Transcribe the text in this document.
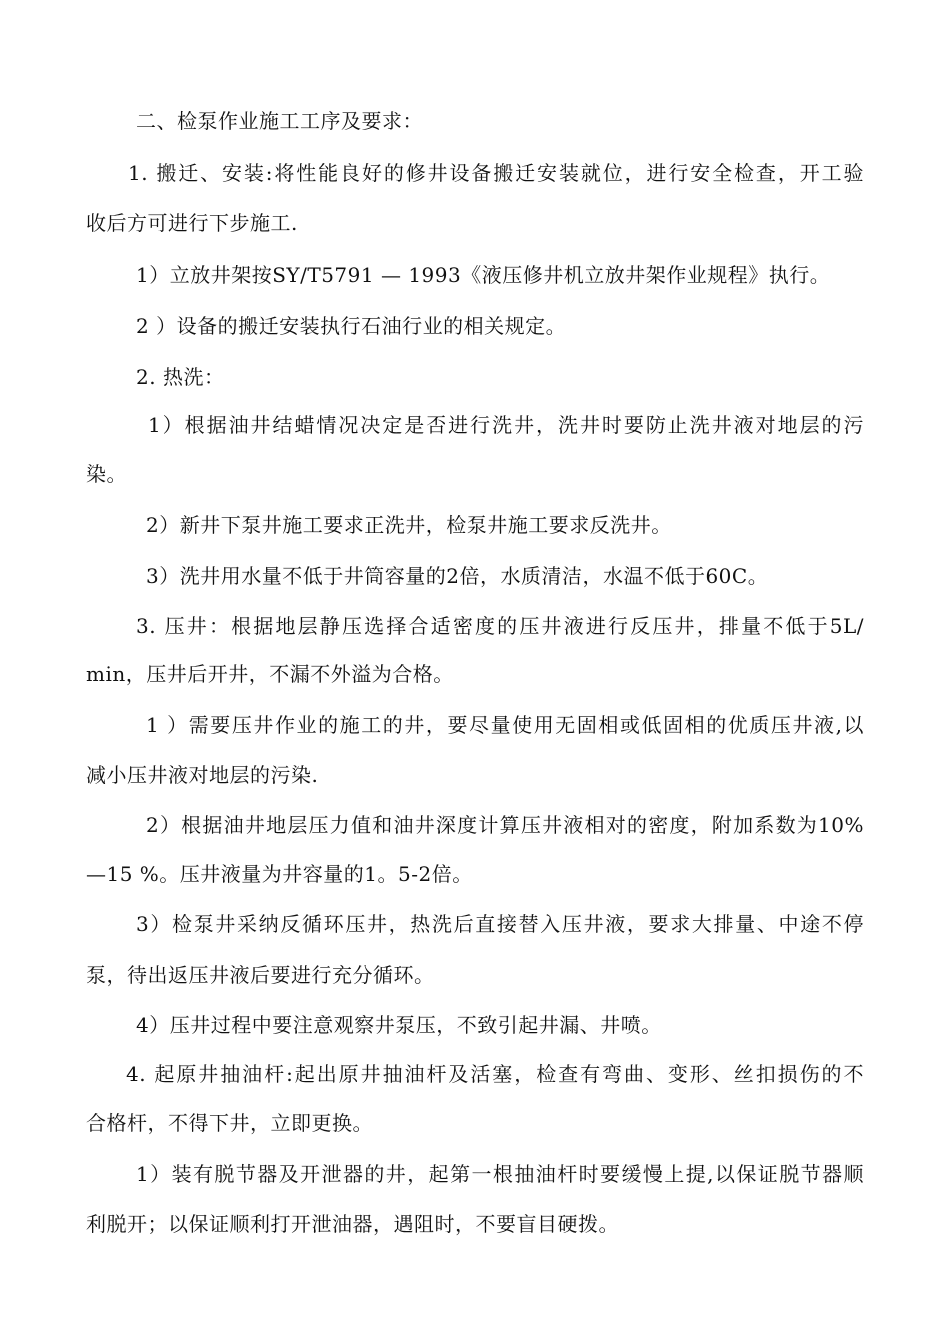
二、检泵作业施工工序及要求：
1. 搬迁、安装:将性能良好的修井设备搬迁安装就位，进行安全检查，开工验
收后方可进行下步施工.
1）立放井架按SY/T5791 — 1993《液压修井机立放井架作业规程》执行。
2 ）设备的搬迁安装执行石油行业的相关规定。
2. 热洗：
1）根据油井结蜡情况决定是否进行洗井，洗井时要防止洗井液对地层的污
染。
2）新井下泵井施工要求正洗井，检泵井施工要求反洗井。
3）洗井用水量不低于井筒容量的2倍，水质清洁，水温不低于60C。
3. 压井：根据地层静压选择合适密度的压井液进行反压井，排量不低于5L/
min，压井后开井，不漏不外溢为合格。
1 ）需要压井作业的施工的井，要尽量使用无固相或低固相的优质压井液,以
减小压井液对地层的污染.
2）根据油井地层压力值和油井深度计算压井液相对的密度，附加系数为10%
—15 %。压井液量为井容量的1。5-2倍。
3）检泵井采纳反循环压井，热洗后直接替入压井液，要求大排量、中途不停
泵，待出返压井液后要进行充分循环。
4）压井过程中要注意观察井泵压，不致引起井漏、井喷。
4. 起原井抽油杆:起出原井抽油杆及活塞，检查有弯曲、变形、丝扣损伤的不
合格杆，不得下井，立即更换。
1）装有脱节器及开泄器的井，起第一根抽油杆时要缓慢上提,以保证脱节器顺
利脱开；以保证顺利打开泄油器，遇阻时，不要盲目硬拨。
